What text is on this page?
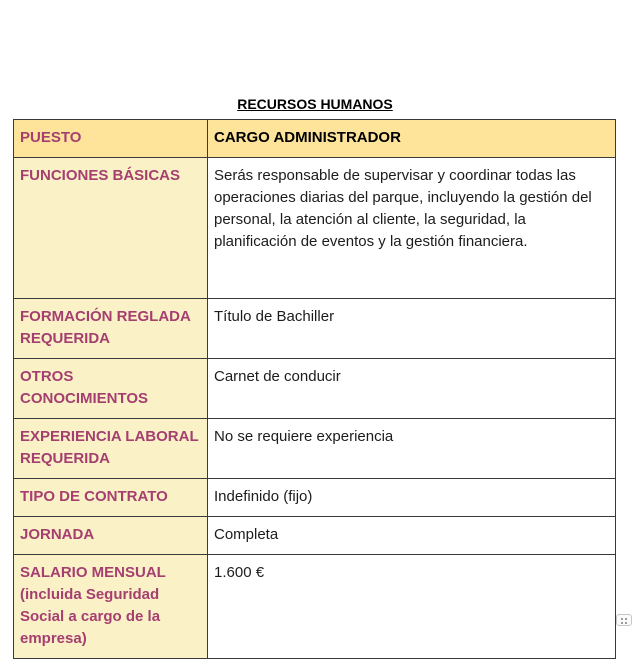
RECURSOS HUMANOS
PUESTO	CARGO ADMINISTRADOR
FUNCIONES BÁSICAS	Serás responsable de supervisar y coordinar todas las operaciones diarias del parque, incluyendo la gestión del personal, la atención al cliente, la seguridad, la planificación de eventos y la gestión financiera.
FORMACIÓN REGLADA REQUERIDA	Título de Bachiller
OTROS CONOCIMIENTOS	Carnet de conducir
EXPERIENCIA LABORAL REQUERIDA	No se requiere experiencia
TIPO DE CONTRATO	Indefinido (fijo)
JORNADA	Completa
SALARIO MENSUAL (incluida Seguridad Social a cargo de la empresa)	1.600 €
